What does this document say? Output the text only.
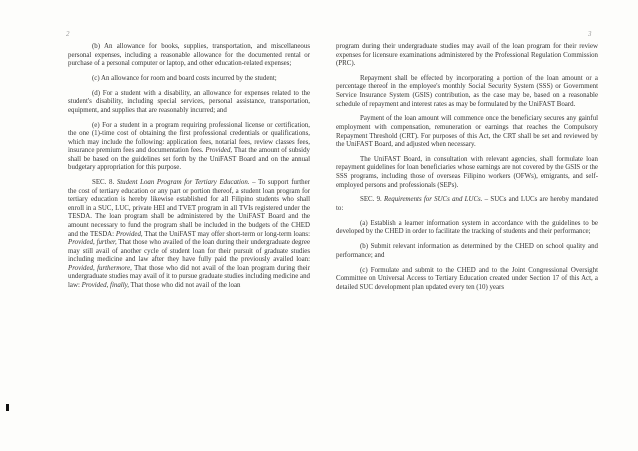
2	3

(b) An allowance for books, supplies, transportation, and miscellaneous personal expenses, including a reasonable allowance for the documented rental or purchase of a personal computer or laptop, and other education-related expenses;

(c) An allowance for room and board costs incurred by the student;

(d) For a student with a disability, an allowance for expenses related to the student's disability, including special services, personal assistance, transportation, equipment, and supplies that are reasonably incurred; and

(e) For a student in a program requiring professional license or certification, the one (1)-time cost of obtaining the first professional credentials or qualifications, which may include the following: application fees, notarial fees, review classes fees, insurance premium fees and documentation fees. Provided, That the amount of subsidy shall be based on the guidelines set forth by the UniFAST Board and on the annual budgetary appropriation for this purpose.

SEC. 8. Student Loan Program for Tertiary Education. – To support further the cost of tertiary education or any part or portion thereof, a student loan program for tertiary education is hereby likewise established for all Filipino students who shall enroll in a SUC, LUC, private HEI and TVET program in all TVIs registered under the TESDA. The loan program shall be administered by the UniFAST Board and the amount necessary to fund the program shall be included in the budgets of the CHED and the TESDA: Provided, That the UniFAST may offer short-term or long-term loans: Provided, further, That those who availed of the loan during their undergraduate degree may still avail of another cycle of student loan for their pursuit of graduate studies including medicine and law after they have fully paid the previously availed loan: Provided, furthermore, That those who did not avail of the loan program during their undergraduate studies may avail of it to pursue graduate studies including medicine and law: Provided, finally, That those who did not avail of the loan

program during their undergraduate studies may avail of the loan program for their review expenses for licensure examinations administered by the Professional Regulation Commission (PRC).

Repayment shall be effected by incorporating a portion of the loan amount or a percentage thereof in the employee's monthly Social Security System (SSS) or Government Service Insurance System (GSIS) contribution, as the case may be, based on a reasonable schedule of repayment and interest rates as may be formulated by the UniFAST Board.

Payment of the loan amount will commence once the beneficiary secures any gainful employment with compensation, remuneration or earnings that reaches the Compulsory Repayment Threshold (CRT). For purposes of this Act, the CRT shall be set and reviewed by the UniFAST Board, and adjusted when necessary.

The UniFAST Board, in consultation with relevant agencies, shall formulate loan repayment guidelines for loan beneficiaries whose earnings are not covered by the GSIS or the SSS programs, including those of overseas Filipino workers (OFWs), emigrants, and self-employed persons and professionals (SEPs).

SEC. 9. Requirements for SUCs and LUCs. – SUCs and LUCs are hereby mandated to:

(a) Establish a learner information system in accordance with the guidelines to be developed by the CHED in order to facilitate the tracking of students and their performance;

(b) Submit relevant information as determined by the CHED on school quality and performance; and

(c) Formulate and submit to the CHED and to the Joint Congressional Oversight Committee on Universal Access to Tertiary Education created under Section 17 of this Act, a detailed SUC development plan updated every ten (10) years
